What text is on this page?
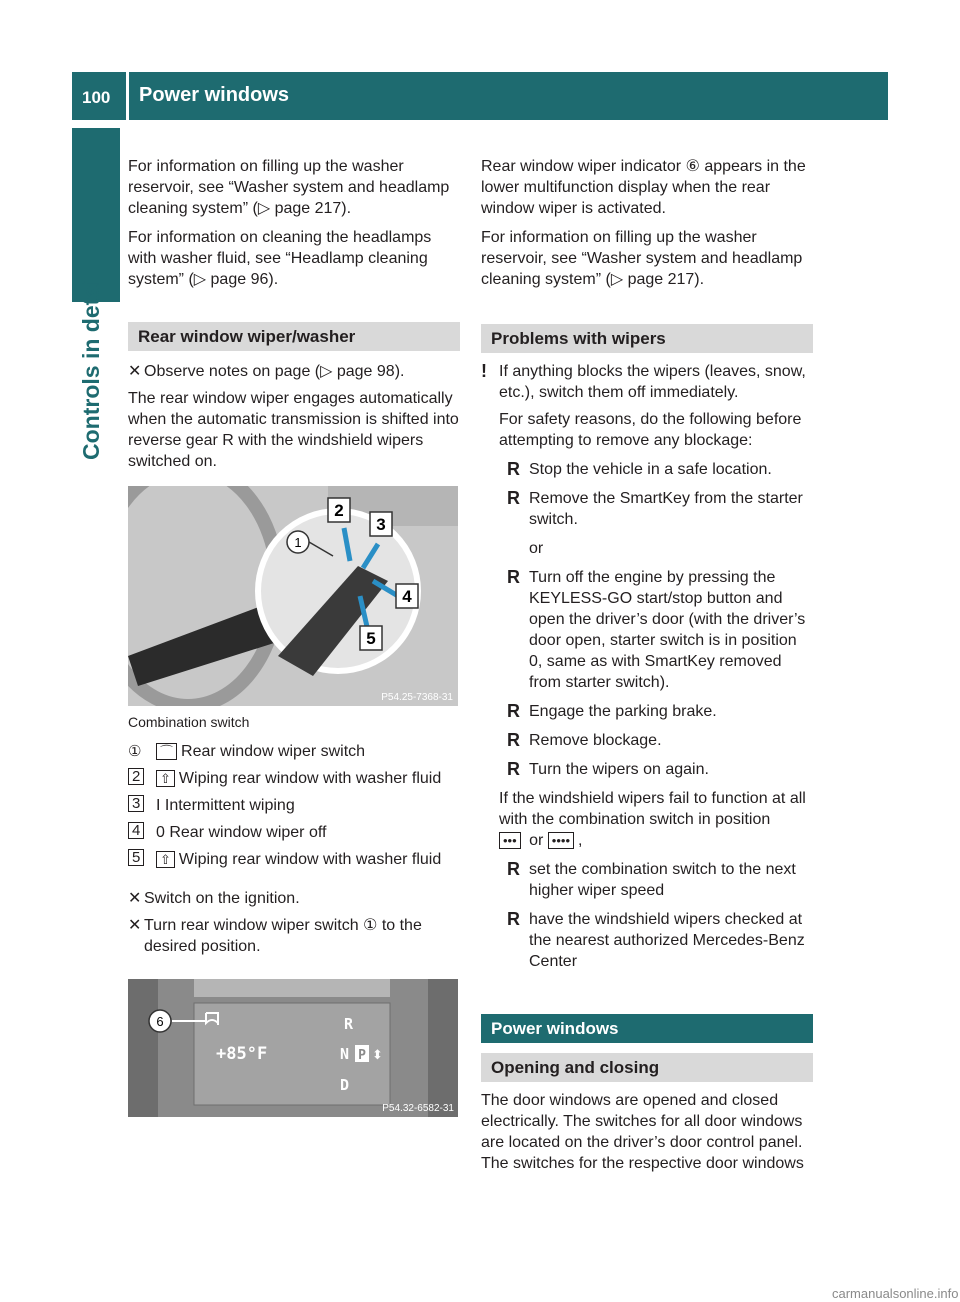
100 Power windows
Controls in detail

For information on filling up the washer reservoir, see “Washer system and headlamp cleaning system” (▷ page 217).

For information on cleaning the headlamps with washer fluid, see “Headlamp cleaning system” (▷ page 96).

Rear window wiper/washer
✕ Observe notes on page (▷ page 98).

The rear window wiper engages automatically when the automatic transmission is shifted into reverse gear R with the windshield wipers switched on.

2
3
4
5
1
P54.25-7368-31
Combination switch
① ⌒ Rear window wiper switch
2	⇧ Wiping rear window with washer fluid
3 I Intermittent wiping
4 0 Rear window wiper off
5	⇧ Wiping rear window with washer fluid
✕ Switch on the ignition.
✕ Turn rear window wiper switch ① to the desired position.
+85°F
R
N P ⬍
D
6
P54.32-6582-31

Rear window wiper indicator ⑥ appears in the lower multifunction display when the rear window wiper is activated.

For information on filling up the washer reservoir, see “Washer system and headlamp cleaning system” (▷ page 217).

Problems with wipers
! If anything blocks the wipers (leaves, snow, etc.), switch them off immediately.

For safety reasons, do the following before attempting to remove any blockage:

R Stop the vehicle in a safe location.
R Remove the SmartKey from the starter switch.
or
R Turn off the engine by pressing the KEYLESS-GO start/stop button and open the driver’s door (with the driver’s door open, starter switch is in position 0, same as with SmartKey removed from starter switch).
R Engage the parking brake.
R Remove blockage.
R Turn the wipers on again.

If the windshield wipers fail to function at all with the combination switch in position
••• or •••• ,

R set the combination switch to the next higher wiper speed
R have the windshield wipers checked at the nearest authorized Mercedes-Benz Center
Power windows
Opening and closing

The door windows are opened and closed electrically. The switches for all door windows are located on the driver’s door control panel. The switches for the respective door windows

carmanualsonline.info
